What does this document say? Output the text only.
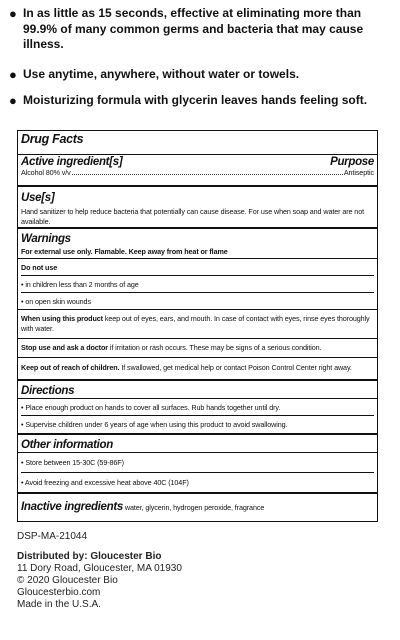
● In as little as 15 seconds, effective at eliminating more than 99.9% of many common germs and bacteria that may cause illness.
● Use anytime, anywhere, without water or towels.
● Moisturizing formula with glycerin leaves hands feeling soft.
Drug Facts
Active ingredient[s]	Purpose
Alcohol 80% v/v	Antiseptic
Use[s]
Hand sanitizer to help reduce bacteria that potentially can cause disease. For use when soap and water are not available.
Warnings
For external use only. Flamable. Keep away from heat or flame
Do not use
• in children less than 2 months of age
• on open skin wounds
When using this product keep out of eyes, ears, and mouth. In case of contact with eyes, rinse eyes thoroughly with water.
Stop use and ask a doctor if irritation or rash occurs. These may be signs of a serious condition.
Keep out of reach of children. If swallowed, get medical help or contact Poison Control Center right away.
Directions
• Place enough product on hands to cover all surfaces. Rub hands together until dry.
• Supervise children under 6 years of age when using this product to avoid swallowing.
Other information
• Store between 15-30C (59-86F)
• Avoid freezing and excessive heat above 40C (104F)
Inactive ingredients water, glycerin, hydrogen peroxide, fragrance
DSP-MA-21044
Distributed by: Gloucester Bio
11 Dory Road, Gloucester, MA 01930
© 2020 Gloucester Bio
Gloucesterbio.com
Made in the U.S.A.
